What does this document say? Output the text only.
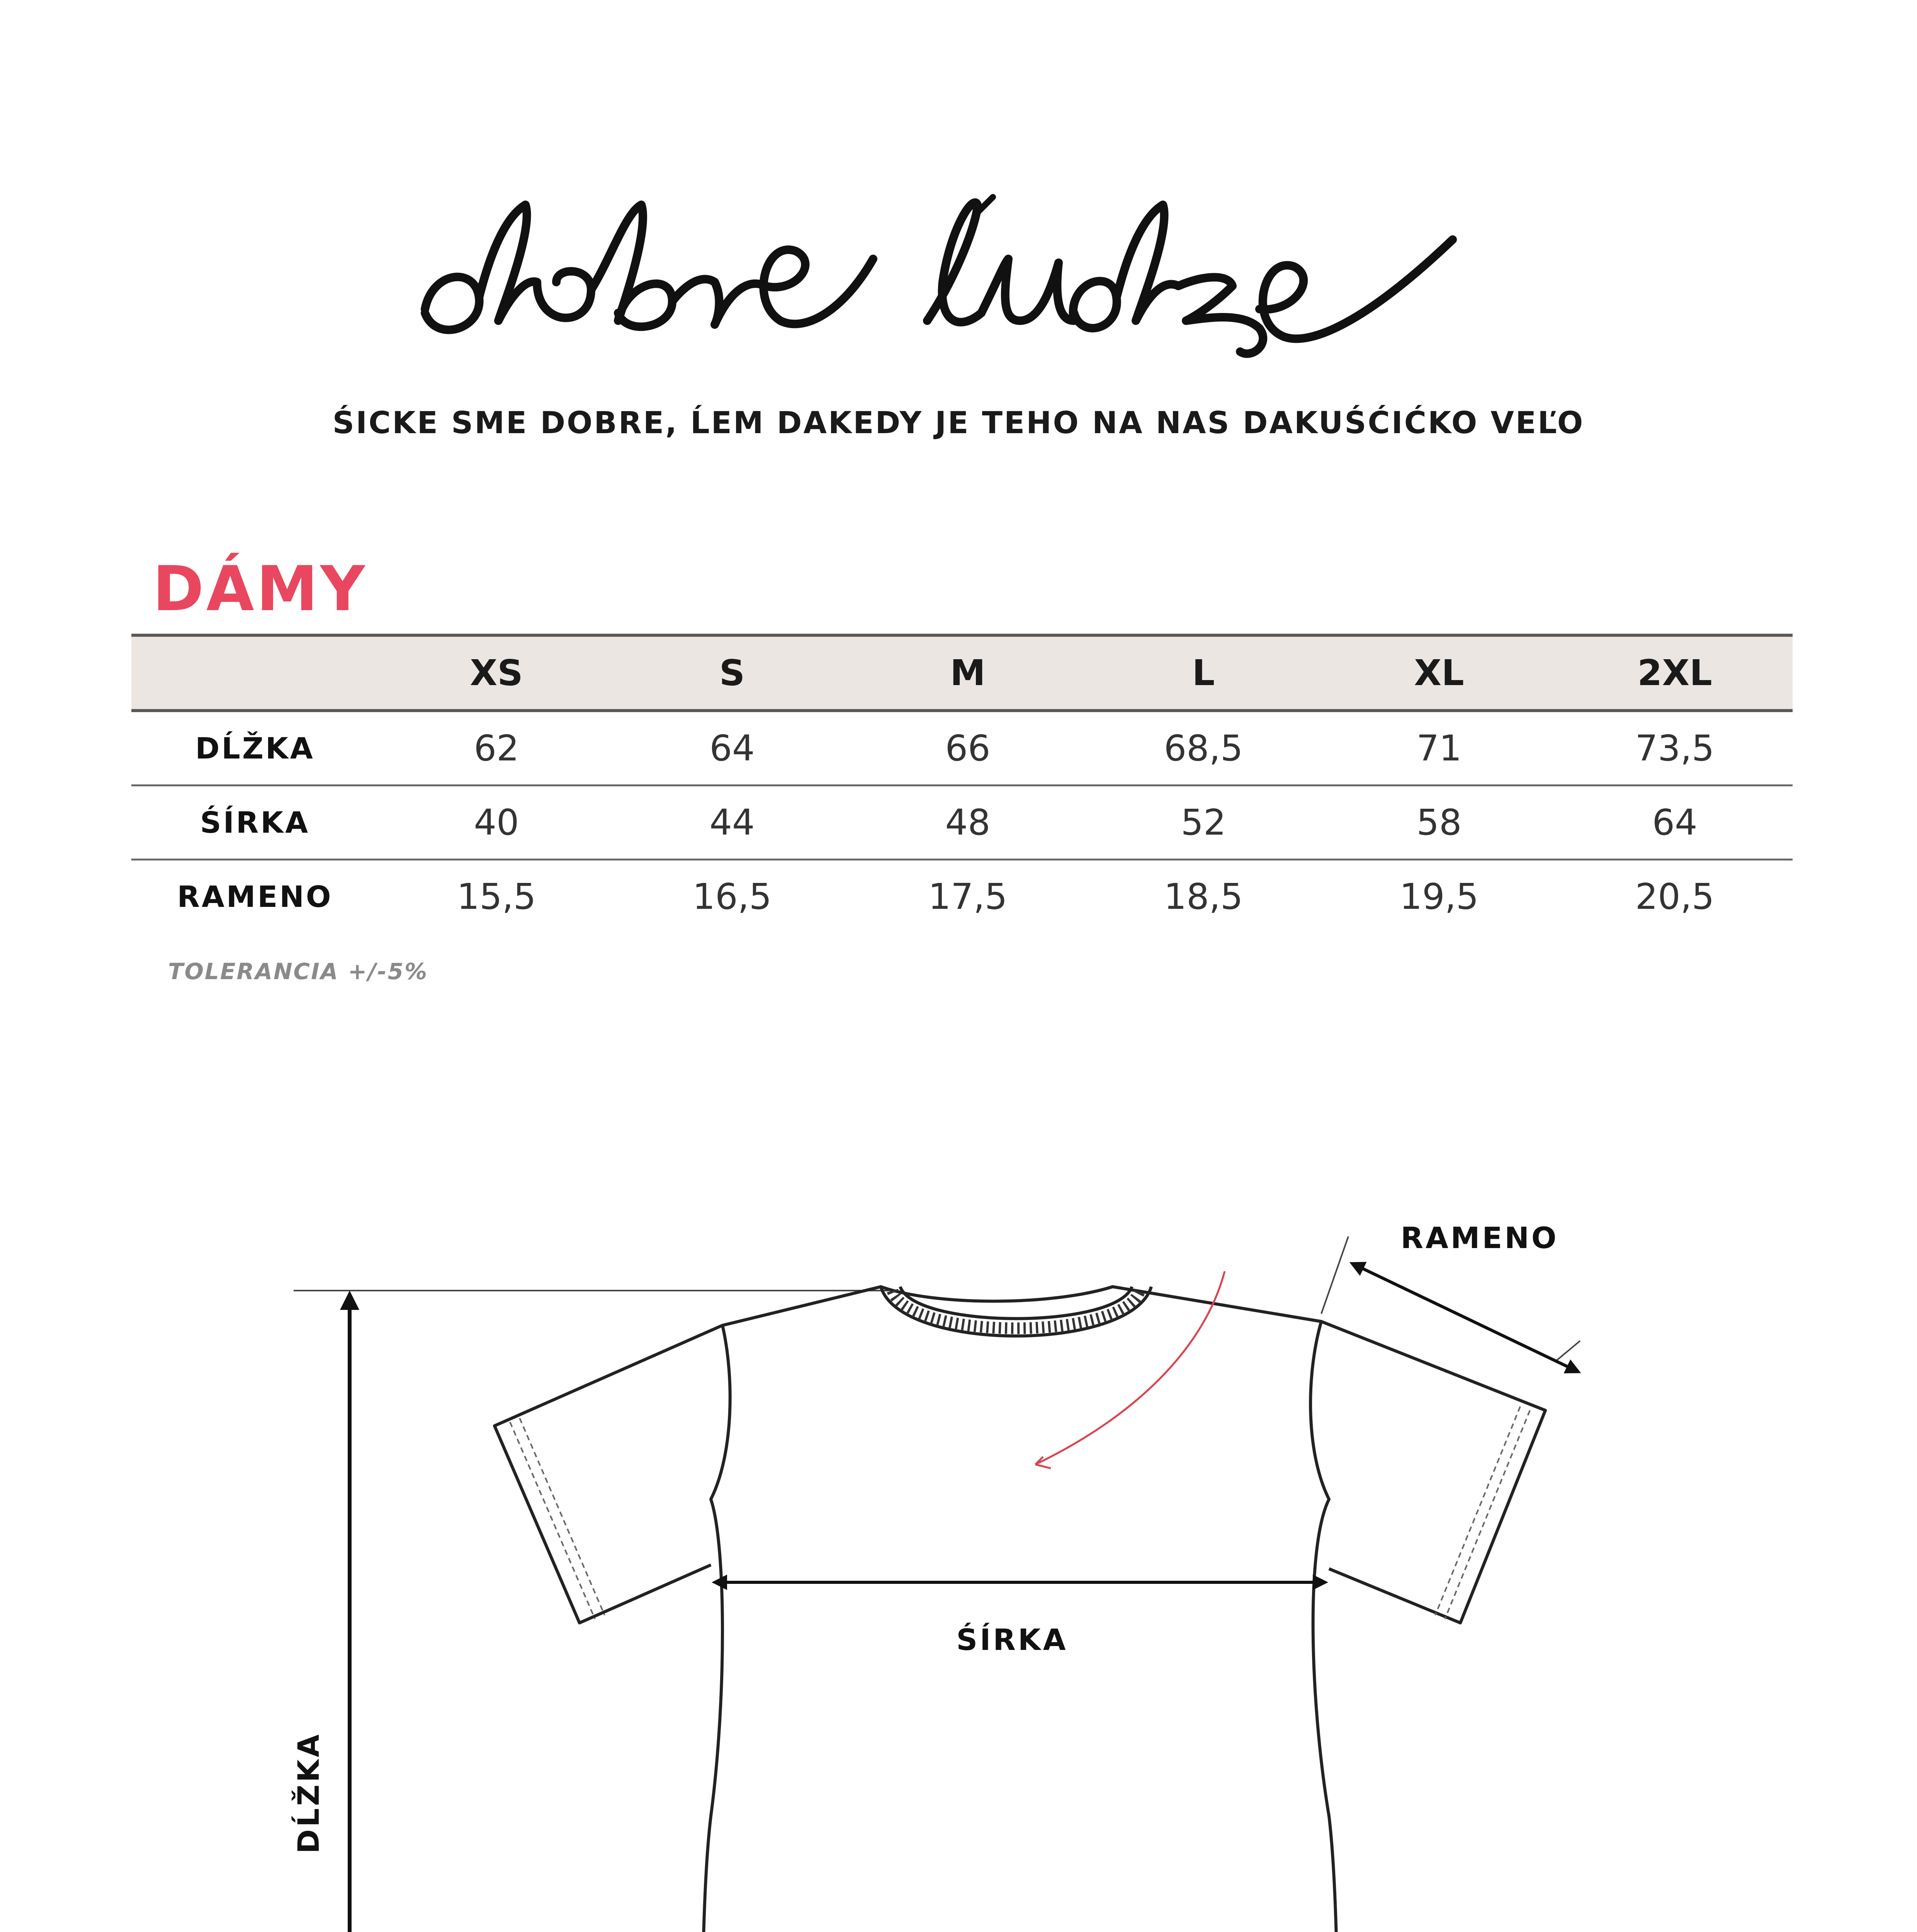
ŚICKE SME DOBRE, ĹEM DAKEDY JE TEHO NA NAS DAKUŚĆIĆKO VEĽO
DÁMY
	XS	S	M	L	XL	2XL
DĹŽKA	62	64	66	68,5	71	73,5
ŚÍRKA	40	44	48	52	58	64
RAMENO	15,5	16,5	17,5	18,5	19,5	20,5
TOLERANCIA +/-5%
DĹŽKA
ŚÍRKA
RAMENO
